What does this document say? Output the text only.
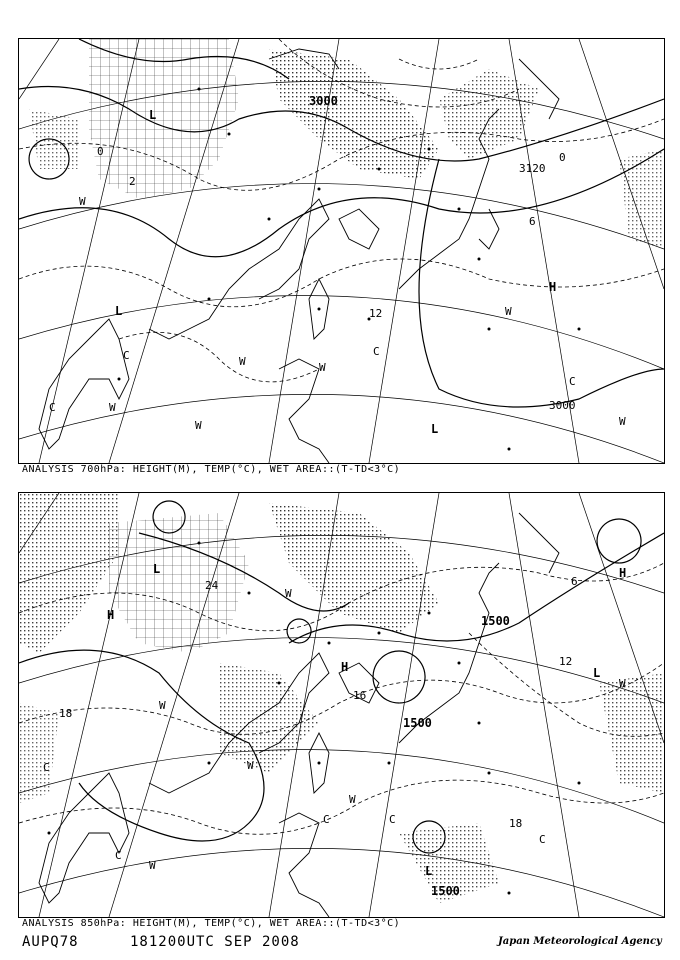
3000
3120
3000
0
2
6
12
0
L
L
L
H
C
C
C
C
W
W
W
W	W
W
W
ANALYSIS 700hPa: HEIGHT(M), TEMP(°C), WET AREA::(T-TD<3°C)
1500
1500
1500
18
12
18
6
16
24
L
L
L
H
H
H
C
C
C	C
C
W
W
W
W
W
W
ANALYSIS 850hPa: HEIGHT(M), TEMP(°C), WET AREA::(T-TD<3°C)
AUPQ78	181200UTC SEP 2008	Japan Meteorological Agency
